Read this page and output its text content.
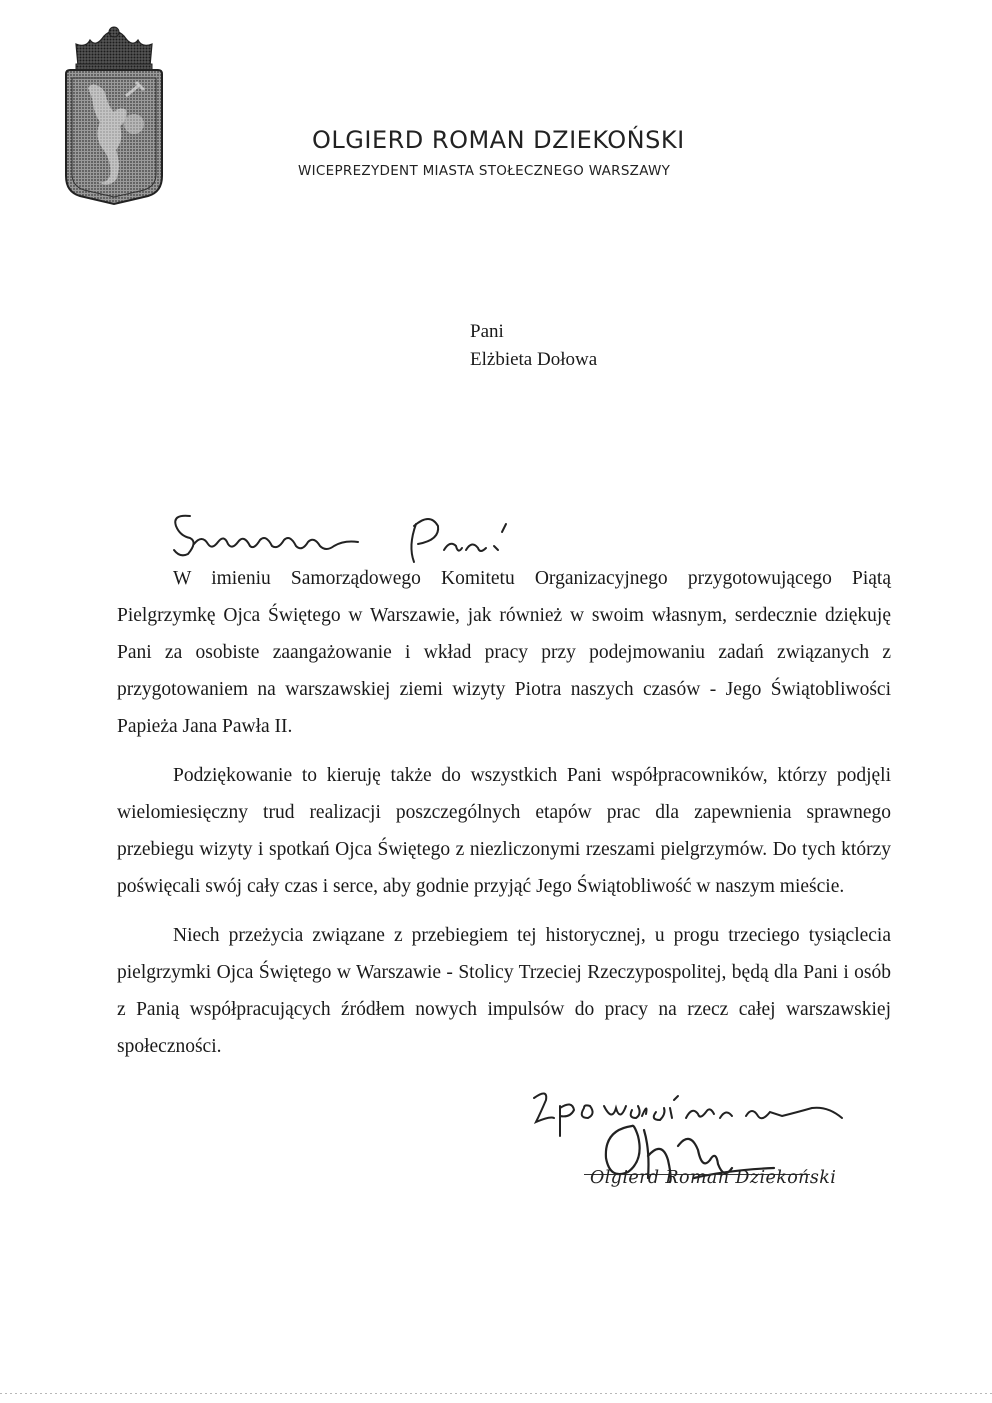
OLGIERD ROMAN DZIEKOŃSKI
WICEPREZYDENT MIASTA STOŁECZNEGO WARSZAWY
Pani
Elżbieta Dołowa

W imieniu Samorządowego Komitetu Organizacyjnego przygotowującego Piątą Pielgrzymkę Ojca Świętego w Warszawie, jak również w swoim własnym, serdecznie dziękuję Pani za osobiste zaangażowanie i wkład pracy przy podejmowaniu zadań związanych z przygotowaniem na warszawskiej ziemi wizyty Piotra naszych czasów - Jego Świątobliwości Papieża Jana Pawła II.

Podziękowanie to kieruję także do wszystkich Pani współpracowników, którzy podjęli wielomiesięczny trud realizacji poszczególnych etapów prac dla zapewnienia sprawnego przebiegu wizyty i spotkań Ojca Świętego z niezliczonymi rzeszami pielgrzymów. Do tych którzy poświęcali swój cały czas i serce, aby godnie przyjąć Jego Świątobliwość w naszym mieście.

Niech przeżycia związane z przebiegiem tej historycznej, u progu trzeciego tysiąclecia pielgrzymki Ojca Świętego w Warszawie - Stolicy Trzeciej Rzeczypospolitej, będą dla Pani i osób z Panią współpracujących źródłem nowych impulsów do pracy na rzecz całej warszawskiej społeczności.

Olgierd Roman Dziekoński
